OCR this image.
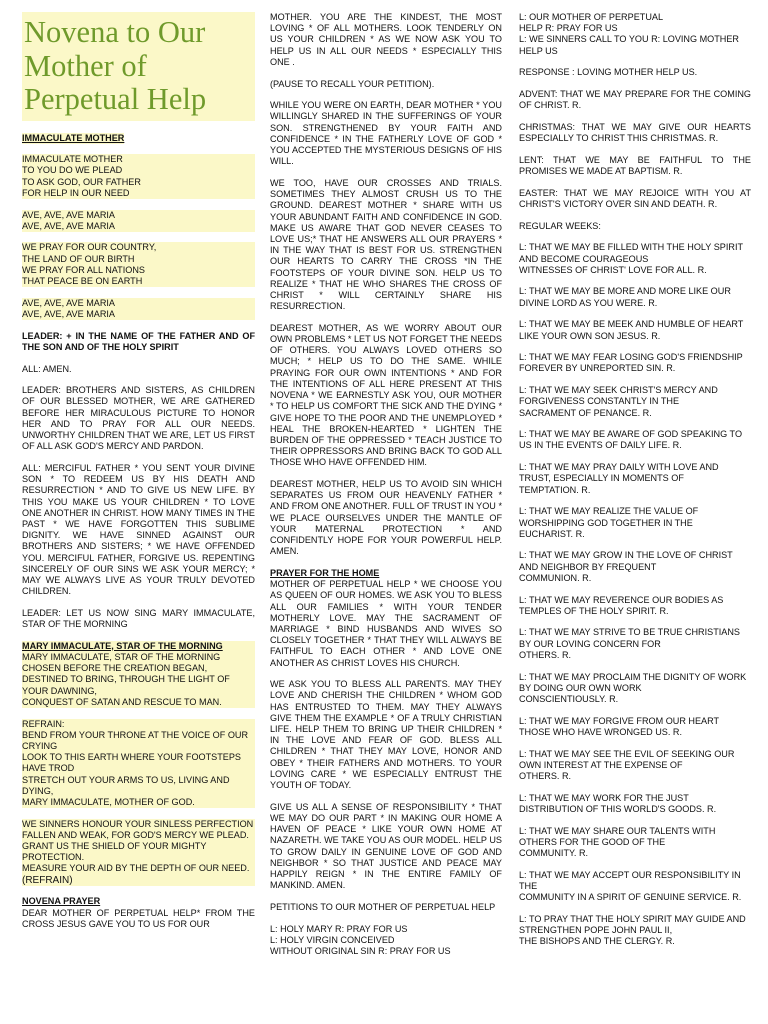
Novena to Our Mother of Perpetual Help

IMMACULATE MOTHER

IMMACULATE MOTHER
TO YOU DO WE PLEAD
TO ASK GOD, OUR FATHER
FOR HELP IN OUR NEED

AVE, AVE, AVE MARIA
AVE, AVE, AVE MARIA

WE PRAY FOR OUR COUNTRY,
THE LAND OF OUR BIRTH
WE PRAY FOR ALL NATIONS
THAT PEACE BE ON EARTH

AVE, AVE, AVE MARIA
AVE, AVE, AVE MARIA

LEADER: + IN THE NAME OF THE FATHER AND OF THE SON AND OF THE HOLY SPIRIT

ALL: AMEN.

LEADER: BROTHERS AND SISTERS, AS CHILDREN OF OUR BLESSED MOTHER, WE ARE GATHERED BEFORE HER MIRACULOUS PICTURE TO HONOR HER AND TO PRAY FOR ALL OUR NEEDS. UNWORTHY CHILDREN THAT WE ARE, LET US FIRST OF ALL ASK GOD'S MERCY AND PARDON.

ALL: MERCIFUL FATHER * YOU SENT YOUR DIVINE SON * TO REDEEM US BY HIS DEATH AND RESURRECTION * AND TO GIVE US NEW LIFE. BY THIS YOU MAKE US YOUR CHILDREN * TO LOVE ONE ANOTHER IN CHRIST. HOW MANY TIMES IN THE PAST * WE HAVE FORGOTTEN THIS SUBLIME DIGNITY. WE HAVE SINNED AGAINST OUR BROTHERS AND SISTERS; * WE HAVE OFFENDED YOU. MERCIFUL FATHER, FORGIVE US. REPENTING SINCERELY OF OUR SINS WE ASK YOUR MERCY; * MAY WE ALWAYS LIVE AS YOUR TRULY DEVOTED CHILDREN.

LEADER: LET US NOW SING MARY IMMACULATE, STAR OF THE MORNING

MARY IMMACULATE, STAR OF THE MORNING
MARY IMMACULATE, STAR OF THE MORNING
CHOSEN BEFORE THE CREATION BEGAN,
DESTINED TO BRING, THROUGH THE LIGHT OF YOUR DAWNING,
CONQUEST OF SATAN AND RESCUE TO MAN.

REFRAIN:
BEND FROM YOUR THRONE AT THE VOICE OF OUR CRYING
LOOK TO THIS EARTH WHERE YOUR FOOTSTEPS HAVE TROD
STRETCH OUT YOUR ARMS TO US, LIVING AND DYING,
MARY IMMACULATE, MOTHER OF GOD.

WE SINNERS HONOUR YOUR SINLESS PERFECTION
FALLEN AND WEAK, FOR GOD'S MERCY WE PLEAD.
GRANT US THE SHIELD OF YOUR MIGHTY PROTECTION.
MEASURE YOUR AID BY THE DEPTH OF OUR NEED.
(REFRAIN)

NOVENA PRAYER
DEAR MOTHER OF PERPETUAL HELP* FROM THE CROSS JESUS GAVE YOU TO US FOR OUR

MOTHER. YOU ARE THE KINDEST, THE MOST LOVING * OF ALL MOTHERS. LOOK TENDERLY ON US YOUR CHILDREN * AS WE NOW ASK YOU TO HELP US IN ALL OUR NEEDS * ESPECIALLY THIS ONE .

(PAUSE TO RECALL YOUR PETITION).

WHILE YOU WERE ON EARTH, DEAR MOTHER * YOU WILLINGLY SHARED IN THE SUFFERINGS OF YOUR SON. STRENGTHENED BY YOUR FAITH AND CONFIDENCE * IN THE FATHERLY LOVE OF GOD * YOU ACCEPTED THE MYSTERIOUS DESIGNS OF HIS WILL.

WE TOO, HAVE OUR CROSSES AND TRIALS. SOMETIMES THEY ALMOST CRUSH US TO THE GROUND. DEAREST MOTHER * SHARE WITH US YOUR ABUNDANT FAITH AND CONFIDENCE IN GOD. MAKE US AWARE THAT GOD NEVER CEASES TO LOVE US;* THAT HE ANSWERS ALL OUR PRAYERS * IN THE WAY THAT IS BEST FOR US. STRENGTHEN OUR HEARTS TO CARRY THE CROSS *IN THE FOOTSTEPS OF YOUR DIVINE SON. HELP US TO REALIZE * THAT HE WHO SHARES THE CROSS OF CHRIST * WILL CERTAINLY SHARE HIS RESURRECTION.

DEAREST MOTHER, AS WE WORRY ABOUT OUR OWN PROBLEMS * LET US NOT FORGET THE NEEDS OF OTHERS. YOU ALWAYS LOVED OTHERS SO MUCH; * HELP US TO DO THE SAME. WHILE PRAYING FOR OUR OWN INTENTIONS * AND FOR THE INTENTIONS OF ALL HERE PRESENT AT THIS NOVENA * WE EARNESTLY ASK YOU, OUR MOTHER * TO HELP US COMFORT THE SICK AND THE DYING * GIVE HOPE TO THE POOR AND THE UNEMPLOYED * HEAL THE BROKEN-HEARTED * LIGHTEN THE BURDEN OF THE OPPRESSED * TEACH JUSTICE TO THEIR OPPRESSORS AND BRING BACK TO GOD ALL THOSE WHO HAVE OFFENDED HIM.

DEAREST MOTHER, HELP US TO AVOID SIN WHICH SEPARATES US FROM OUR HEAVENLY FATHER * AND FROM ONE ANOTHER. FULL OF TRUST IN YOU * WE PLACE OURSELVES UNDER THE MANTLE OF YOUR MATERNAL PROTECTION * AND CONFIDENTLY HOPE FOR YOUR POWERFUL HELP. AMEN.

PRAYER FOR THE HOME
MOTHER OF PERPETUAL HELP * WE CHOOSE YOU AS QUEEN OF OUR HOMES. WE ASK YOU TO BLESS ALL OUR FAMILIES * WITH YOUR TENDER MOTHERLY LOVE. MAY THE SACRAMENT OF MARRIAGE * BIND HUSBANDS AND WIVES SO CLOSELY TOGETHER * THAT THEY WILL ALWAYS BE FAITHFUL TO EACH OTHER * AND LOVE ONE ANOTHER AS CHRIST LOVES HIS CHURCH.

WE ASK YOU TO BLESS ALL PARENTS. MAY THEY LOVE AND CHERISH THE CHILDREN * WHOM GOD HAS ENTRUSTED TO THEM. MAY THEY ALWAYS GIVE THEM THE EXAMPLE * OF A TRULY CHRISTIAN LIFE. HELP THEM TO BRING UP THEIR CHILDREN * IN THE LOVE AND FEAR OF GOD. BLESS ALL CHILDREN * THAT THEY MAY LOVE, HONOR AND OBEY * THEIR FATHERS AND MOTHERS. TO YOUR LOVING CARE * WE ESPECIALLY ENTRUST THE YOUTH OF TODAY.

GIVE US ALL A SENSE OF RESPONSIBILITY * THAT WE MAY DO OUR PART * IN MAKING OUR HOME A HAVEN OF PEACE * LIKE YOUR OWN HOME AT NAZARETH. WE TAKE YOU AS OUR MODEL. HELP US TO GROW DAILY IN GENUINE LOVE OF GOD AND NEIGHBOR * SO THAT JUSTICE AND PEACE MAY HAPPILY REIGN * IN THE ENTIRE FAMILY OF MANKIND. AMEN.

PETITIONS TO OUR MOTHER OF PERPETUAL HELP

L: HOLY MARY R: PRAY FOR US
L: HOLY VIRGIN CONCEIVED
WITHOUT ORIGINAL SIN R: PRAY FOR US

L: OUR MOTHER OF PERPETUAL
HELP R: PRAY FOR US
L: WE SINNERS CALL TO YOU R: LOVING MOTHER HELP US

RESPONSE : LOVING MOTHER HELP US.

ADVENT: THAT WE MAY PREPARE FOR THE COMING OF CHRIST. R.

CHRISTMAS: THAT WE MAY GIVE OUR HEARTS ESPECIALLY TO CHRIST THIS CHRISTMAS. R.

LENT: THAT WE MAY BE FAITHFUL TO THE PROMISES WE MADE AT BAPTISM. R.

EASTER: THAT WE MAY REJOICE WITH YOU AT CHRIST'S VICTORY OVER SIN AND DEATH. R.

REGULAR WEEKS:

L: THAT WE MAY BE FILLED WITH THE HOLY SPIRIT
AND BECOME COURAGEOUS
WITNESSES OF CHRIST' LOVE FOR ALL. R.

L: THAT WE MAY BE MORE AND MORE LIKE OUR DIVINE LORD AS YOU WERE. R.

L: THAT WE MAY BE MEEK AND HUMBLE OF HEART LIKE YOUR OWN SON JESUS. R.

L: THAT WE MAY FEAR LOSING GOD'S FRIENDSHIP FOREVER BY UNREPORTED SIN. R.

L: THAT WE MAY SEEK CHRIST'S MERCY AND FORGIVENESS CONSTANTLY IN THE
SACRAMENT OF PENANCE. R.

L: THAT WE MAY BE AWARE OF GOD SPEAKING TO US IN THE EVENTS OF DAILY LIFE. R.

L: THAT WE MAY PRAY DAILY WITH LOVE AND TRUST, ESPECIALLY IN MOMENTS OF
TEMPTATION. R.

L: THAT WE MAY REALIZE THE VALUE OF WORSHIPPING GOD TOGETHER IN THE
EUCHARIST. R.

L: THAT WE MAY GROW IN THE LOVE OF CHRIST AND NEIGHBOR BY FREQUENT
COMMUNION. R.

L: THAT WE MAY REVERENCE OUR BODIES AS TEMPLES OF THE HOLY SPIRIT. R.

L: THAT WE MAY STRIVE TO BE TRUE CHRISTIANS BY OUR LOVING CONCERN FOR
OTHERS. R.

L: THAT WE MAY PROCLAIM THE DIGNITY OF WORK BY DOING OUR OWN WORK
CONSCIENTIOUSLY. R.

L: THAT WE MAY FORGIVE FROM OUR HEART THOSE WHO HAVE WRONGED US. R.

L: THAT WE MAY SEE THE EVIL OF SEEKING OUR OWN INTEREST AT THE EXPENSE OF
OTHERS. R.

L: THAT WE MAY WORK FOR THE JUST DISTRIBUTION OF THIS WORLD'S GOODS. R.

L: THAT WE MAY SHARE OUR TALENTS WITH OTHERS FOR THE GOOD OF THE
COMMUNITY. R.

L: THAT WE MAY ACCEPT OUR RESPONSIBILITY IN THE
COMMUNITY IN A SPIRIT OF GENUINE SERVICE. R.

L: TO PRAY THAT THE HOLY SPIRIT MAY GUIDE AND STRENGTHEN POPE JOHN PAUL II,
THE BISHOPS AND THE CLERGY. R.
